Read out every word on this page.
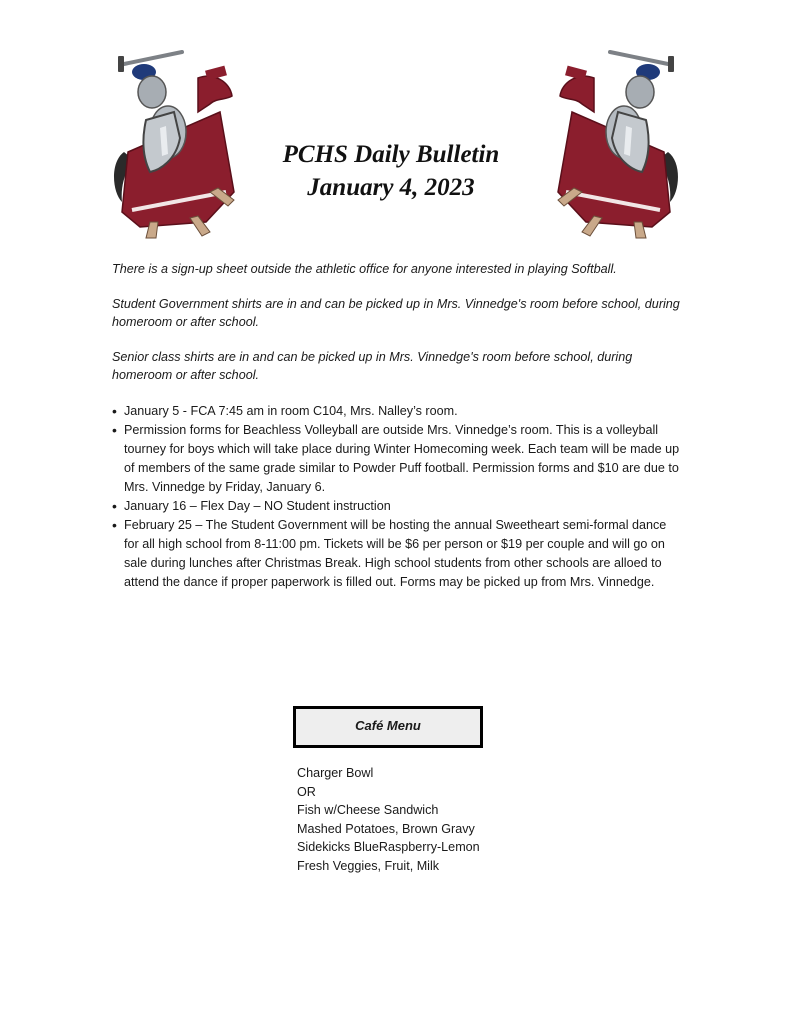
PCHS Daily Bulletin
January 4, 2023

There is a sign-up sheet outside the athletic office for anyone interested in playing Softball.

Student Government shirts are in and can be picked up in Mrs. Vinnedge's room before school, during homeroom or after school.

Senior class shirts are in and can be picked up in Mrs. Vinnedge's room before school, during homeroom or after school.

• January 5 - FCA 7:45 am in room C104, Mrs. Nalley’s room.
• Permission forms for Beachless Volleyball are outside Mrs. Vinnedge’s room. This is a volleyball tourney for boys which will take place during Winter Homecoming week. Each team will be made up of members of the same grade similar to Powder Puff football. Permission forms and $10 are due to Mrs. Vinnedge by Friday, January 6.
• January 16 – Flex Day – NO Student instruction
• February 25 – The Student Government will be hosting the annual Sweetheart semi-formal dance for all high school from 8-11:00 pm. Tickets will be $6 per person or $19 per couple and will go on sale during lunches after Christmas Break. High school students from other schools are alloed to attend the dance if proper paperwork is filled out. Forms may be picked up from Mrs. Vinnedge.
Café Menu
Charger Bowl
OR
Fish w/Cheese Sandwich
Mashed Potatoes, Brown Gravy
Sidekicks BlueRaspberry-Lemon
Fresh Veggies, Fruit, Milk
